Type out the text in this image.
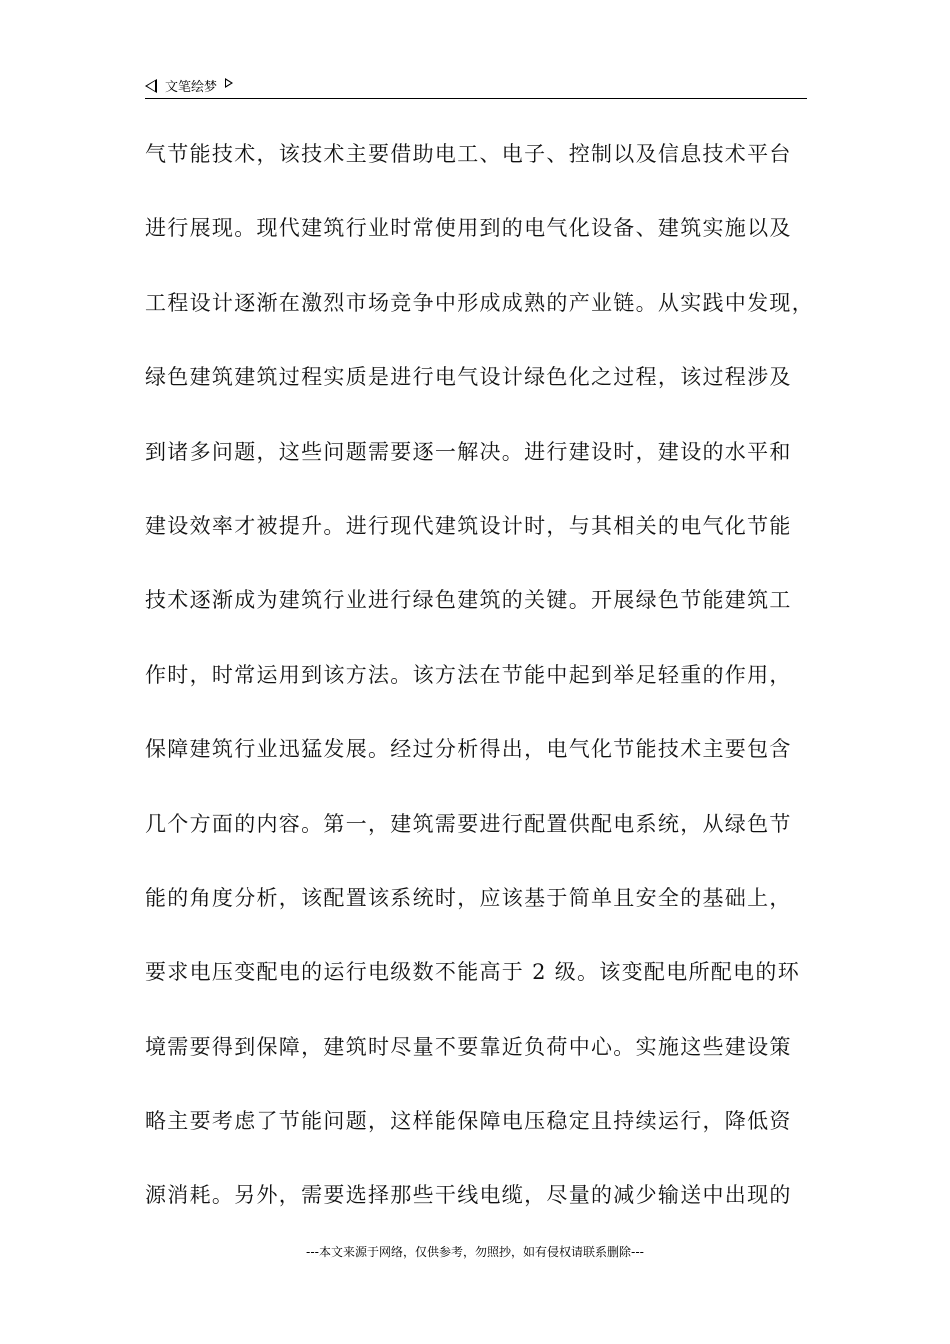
文笔绘梦
气节能技术，该技术主要借助电工、电子、控制以及信息技术平台
进行展现。现代建筑行业时常使用到的电气化设备、建筑实施以及
工程设计逐渐在激烈市场竞争中形成成熟的产业链。从实践中发现，
绿色建筑建筑过程实质是进行电气设计绿色化之过程，该过程涉及
到诸多问题，这些问题需要逐一解决。进行建设时，建设的水平和
建设效率才被提升。进行现代建筑设计时，与其相关的电气化节能
技术逐渐成为建筑行业进行绿色建筑的关键。开展绿色节能建筑工
作时，时常运用到该方法。该方法在节能中起到举足轻重的作用，
保障建筑行业迅猛发展。经过分析得出，电气化节能技术主要包含
几个方面的内容。第一，建筑需要进行配置供配电系统，从绿色节
能的角度分析，该配置该系统时，应该基于简单且安全的基础上，
要求电压变配电的运行电级数不能高于 2 级。该变配电所配电的环
境需要得到保障，建筑时尽量不要靠近负荷中心。实施这些建设策
略主要考虑了节能问题，这样能保障电压稳定且持续运行，降低资
源消耗。另外，需要选择那些干线电缆，尽量的减少输送中出现的
---本文来源于网络，仅供参考，勿照抄，如有侵权请联系删除---
